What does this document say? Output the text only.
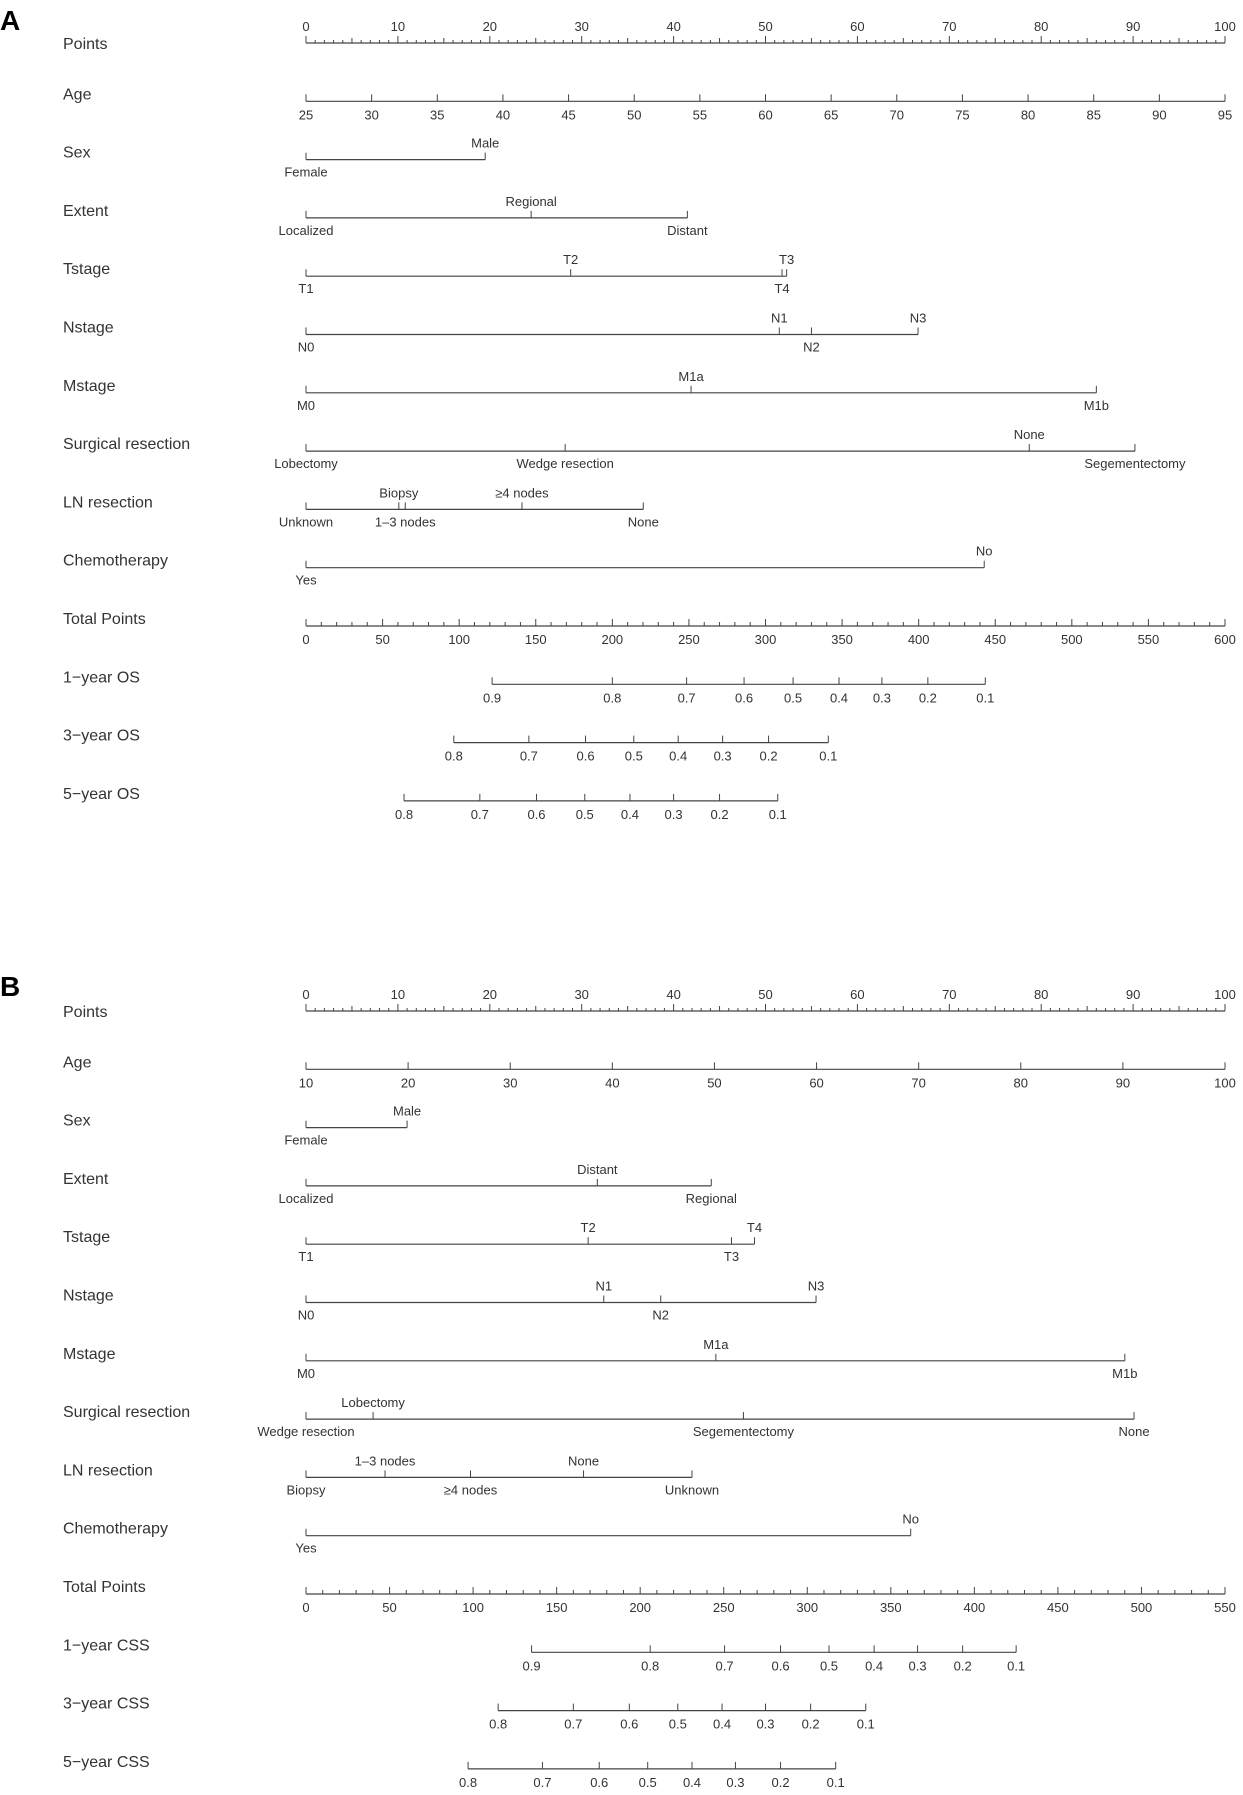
A
B
Points
0	10	20	30	40	50	60	70	80	90	100
Age
25	30	35	40	45	50	55	60	65	70	75	80	85	90	95
Sex
Female
Male
Extent
Localized
Regional
Distant
Tstage
T1
T2	T3
T4
Nstage
N0
N1
N2
N3
Mstage
M0
M1a
M1b
Surgical resection
Lobectomy	Wedge resection
None
Segementectomy
LN resection
Unknown
Biopsy
1–3 nodes
≥4 nodes
None
Chemotherapy
Yes
No
Total Points
0	50	100	150	200	250	300	350	400	450	500	550	600
1−year OS
0.9	0.8	0.7	0.6 0.5 0.4 0.3 0.2	0.1
3−year OS
0.8	0.7	0.6 0.5 0.4 0.3 0.2	0.1
5−year OS
0.8	0.7	0.6 0.5 0.4 0.3 0.2	0.1
Points
0	10	20	30	40	50	60	70	80	90	100
Age
10	20	30	40	50	60	70	80	90	100
Sex
Female
Male
Extent
Localized
Distant
Regional
Tstage
T1
T2
T3
T4
Nstage
N0
N1
N2
N3
Mstage
M0
M1a
M1b
Surgical resection
Wedge resection
Lobectomy
Segementectomy	None
LN resection
Biopsy
1–3 nodes
≥4 nodes
None
Unknown
Chemotherapy
Yes
No
Total Points
0	50	100	150	200	250	300	350	400	450	500	550
1−year CSS
0.9	0.8	0.7	0.6 0.5 0.4 0.3 0.2	0.1
3−year CSS
0.8	0.7	0.6 0.5 0.4 0.3 0.2	0.1
5−year CSS
0.8	0.7	0.6 0.5 0.4 0.3 0.2	0.1
